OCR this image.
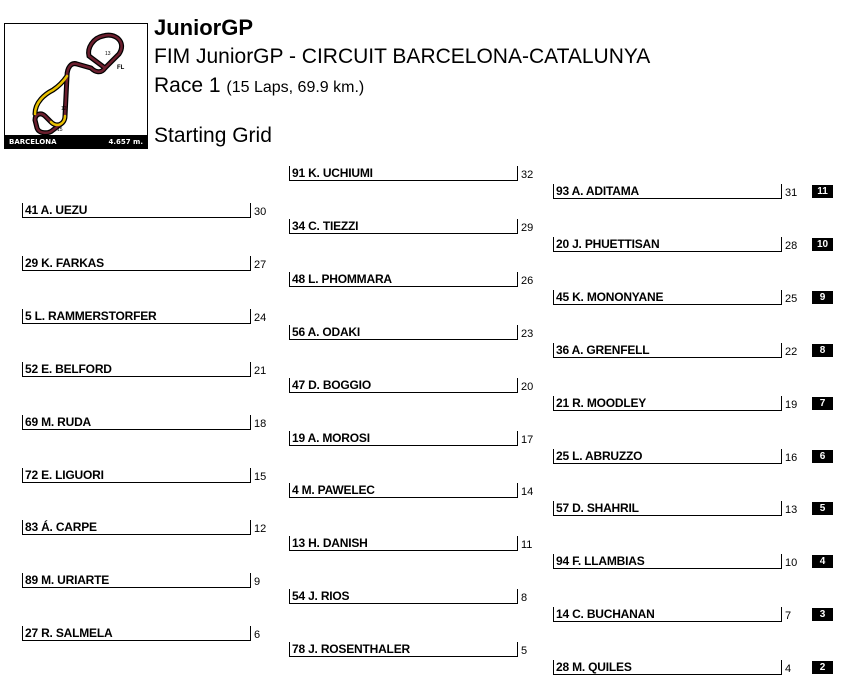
FL
13
12
15
BARCELONA	4.657 m.
JuniorGP
FIM JuniorGP - CIRCUIT BARCELONA-CATALUNYA
Race 1 (15 Laps, 69.9 km.)
Starting Grid
41 A. UEZU	30
29 K. FARKAS	27
5 L. RAMMERSTORFER	24
52 E. BELFORD	21
69 M. RUDA	18
72 E. LIGUORI	15
83 Á. CARPE	12
89 M. URIARTE	9
27 R. SALMELA	6
91 K. UCHIUMI	32
34 C. TIEZZI	29
48 L. PHOMMARA	26
56 A. ODAKI	23
47 D. BOGGIO	20
19 A. MOROSI	17
4 M. PAWELEC	14
13 H. DANISH	11
54 J. RIOS	8
78 J. ROSENTHALER	5
93 A. ADITAMA	31	11
20 J. PHUETTISAN	28	10
45 K. MONONYANE	25	9
36 A. GRENFELL	22	8
21 R. MOODLEY	19	7
25 L. ABRUZZO	16	6
57 D. SHAHRIL	13	5
94 F. LLAMBIAS	10	4
14 C. BUCHANAN	7	3
28 M. QUILES	4	2
